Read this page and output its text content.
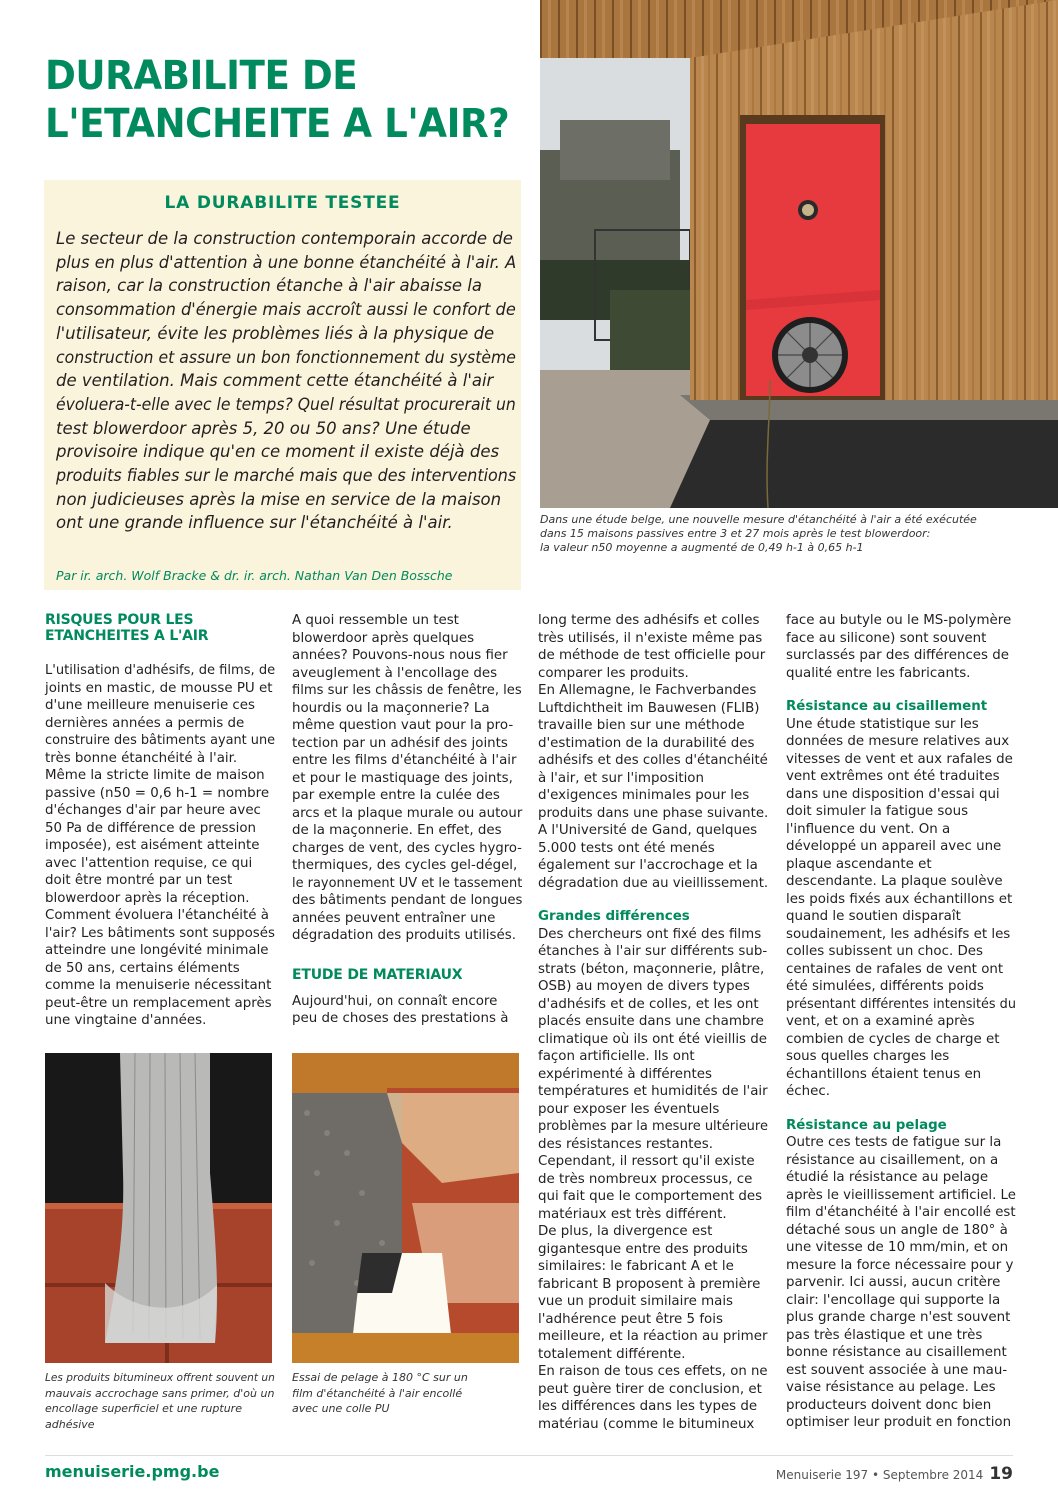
DURABILITE DE
L'ETANCHEITE A L'AIR?
Dans une étude belge, une nouvelle mesure d'étanchéité à l'air a été exécutée
dans 15 maisons passives entre 3 et 27 mois après le test blowerdoor:
la valeur n50 moyenne a augmenté de 0,49 h-1 à 0,65 h-1
LA DURABILITE TESTEE
Le secteur de la construction contemporain accorde de
plus en plus d'attention à une bonne étanchéité à l'air. A
raison, car la construction étanche à l'air abaisse la
consommation d'énergie mais accroît aussi le confort de
l'utilisateur, évite les problèmes liés à la physique de
construction et assure un bon fonctionnement du système
de ventilation. Mais comment cette étanchéité à l'air
évoluera-t-elle avec le temps? Quel résultat procurerait un
test blowerdoor après 5, 20 ou 50 ans? Une étude
provisoire indique qu'en ce moment il existe déjà des
produits fiables sur le marché mais que des interventions
non judicieuses après la mise en service de la maison
ont une grande influence sur l'étanchéité à l'air.
Par ir. arch. Wolf Bracke & dr. ir. arch. Nathan Van Den Bossche
RISQUES POUR LES
ETANCHEITES A L'AIR
L'utilisation d'adhésifs, de films, de
joints en mastic, de mousse PU et
d'une meilleure menuiserie ces
dernières années a permis de
construire des bâtiments ayant une
très bonne étanchéité à l'air.
Même la stricte limite de maison
passive (n50 = 0,6 h-1 = nombre
d'échanges d'air par heure avec
50 Pa de différence de pression
imposée), est aisément atteinte
avec l'attention requise, ce qui
doit être montré par un test
blowerdoor après la réception.
Comment évoluera l'étanchéité à
l'air? Les bâtiments sont supposés
atteindre une longévité minimale
de 50 ans, certains éléments
comme la menuiserie nécessitant
peut-être un remplacement après
une vingtaine d'années.
A quoi ressemble un test
blowerdoor après quelques
années? Pouvons-nous nous fier
aveuglement à l'encollage des
films sur les châssis de fenêtre, les
hourdis ou la maçonnerie? La
même question vaut pour la pro-
tection par un adhésif des joints
entre les films d'étanchéité à l'air
et pour le mastiquage des joints,
par exemple entre la culée des
arcs et la plaque murale ou autour
de la maçonnerie. En effet, des
charges de vent, des cycles hygro-
thermiques, des cycles gel-dégel,
le rayonnement UV et le tassement
des bâtiments pendant de longues
années peuvent entraîner une
dégradation des produits utilisés.
ETUDE DE MATERIAUX
Aujourd'hui, on connaît encore
peu de choses des prestations à
long terme des adhésifs et colles
très utilisés, il n'existe même pas
de méthode de test officielle pour
comparer les produits.
En Allemagne, le Fachverbandes
Luftdichtheit im Bauwesen (FLIB)
travaille bien sur une méthode
d'estimation de la durabilité des
adhésifs et des colles d'étanchéité
à l'air, et sur l'imposition
d'exigences minimales pour les
produits dans une phase suivante.
A l'Université de Gand, quelques
5.000 tests ont été menés
également sur l'accrochage et la
dégradation due au vieillissement.
Grandes différences
Des chercheurs ont fixé des films
étanches à l'air sur différents sub-
strats (béton, maçonnerie, plâtre,
OSB) au moyen de divers types
d'adhésifs et de colles, et les ont
placés ensuite dans une chambre
climatique où ils ont été vieillis de
façon artificielle. Ils ont
expérimenté à différentes
températures et humidités de l'air
pour exposer les éventuels
problèmes par la mesure ultérieure
des résistances restantes.
Cependant, il ressort qu'il existe
de très nombreux processus, ce
qui fait que le comportement des
matériaux est très différent.
De plus, la divergence est
gigantesque entre des produits
similaires: le fabricant A et le
fabricant B proposent à première
vue un produit similaire mais
l'adhérence peut être 5 fois
meilleure, et la réaction au primer
totalement différente.
En raison de tous ces effets, on ne
peut guère tirer de conclusion, et
les différences dans les types de
matériau (comme le bitumineux
face au butyle ou le MS-polymère
face au silicone) sont souvent
surclassés par des différences de
qualité entre les fabricants.
Résistance au cisaillement
Une étude statistique sur les
données de mesure relatives aux
vitesses de vent et aux rafales de
vent extrêmes ont été traduites
dans une disposition d'essai qui
doit simuler la fatigue sous
l'influence du vent. On a
développé un appareil avec une
plaque ascendante et
descendante. La plaque soulève
les poids fixés aux échantillons et
quand le soutien disparaît
soudainement, les adhésifs et les
colles subissent un choc. Des
centaines de rafales de vent ont
été simulées, différents poids
présentant différentes intensités du
vent, et on a examiné après
combien de cycles de charge et
sous quelles charges les
échantillons étaient tenus en
échec.
Résistance au pelage
Outre ces tests de fatigue sur la
résistance au cisaillement, on a
étudié la résistance au pelage
après le vieillissement artificiel. Le
film d'étanchéité à l'air encollé est
détaché sous un angle de 180° à
une vitesse de 10 mm/min, et on
mesure la force nécessaire pour y
parvenir. Ici aussi, aucun critère
clair: l'encollage qui supporte la
plus grande charge n'est souvent
pas très élastique et une très
bonne résistance au cisaillement
est souvent associée à une mau-
vaise résistance au pelage. Les
producteurs doivent donc bien
optimiser leur produit en fonction
Les produits bitumineux offrent souvent un
mauvais accrochage sans primer, d'où un
encollage superficiel et une rupture
adhésive
Essai de pelage à 180 °C sur un
film d'étanchéité à l'air encollé
avec une colle PU
menuiserie.pmg.be	Menuiserie 197 • Septembre 2014 19
